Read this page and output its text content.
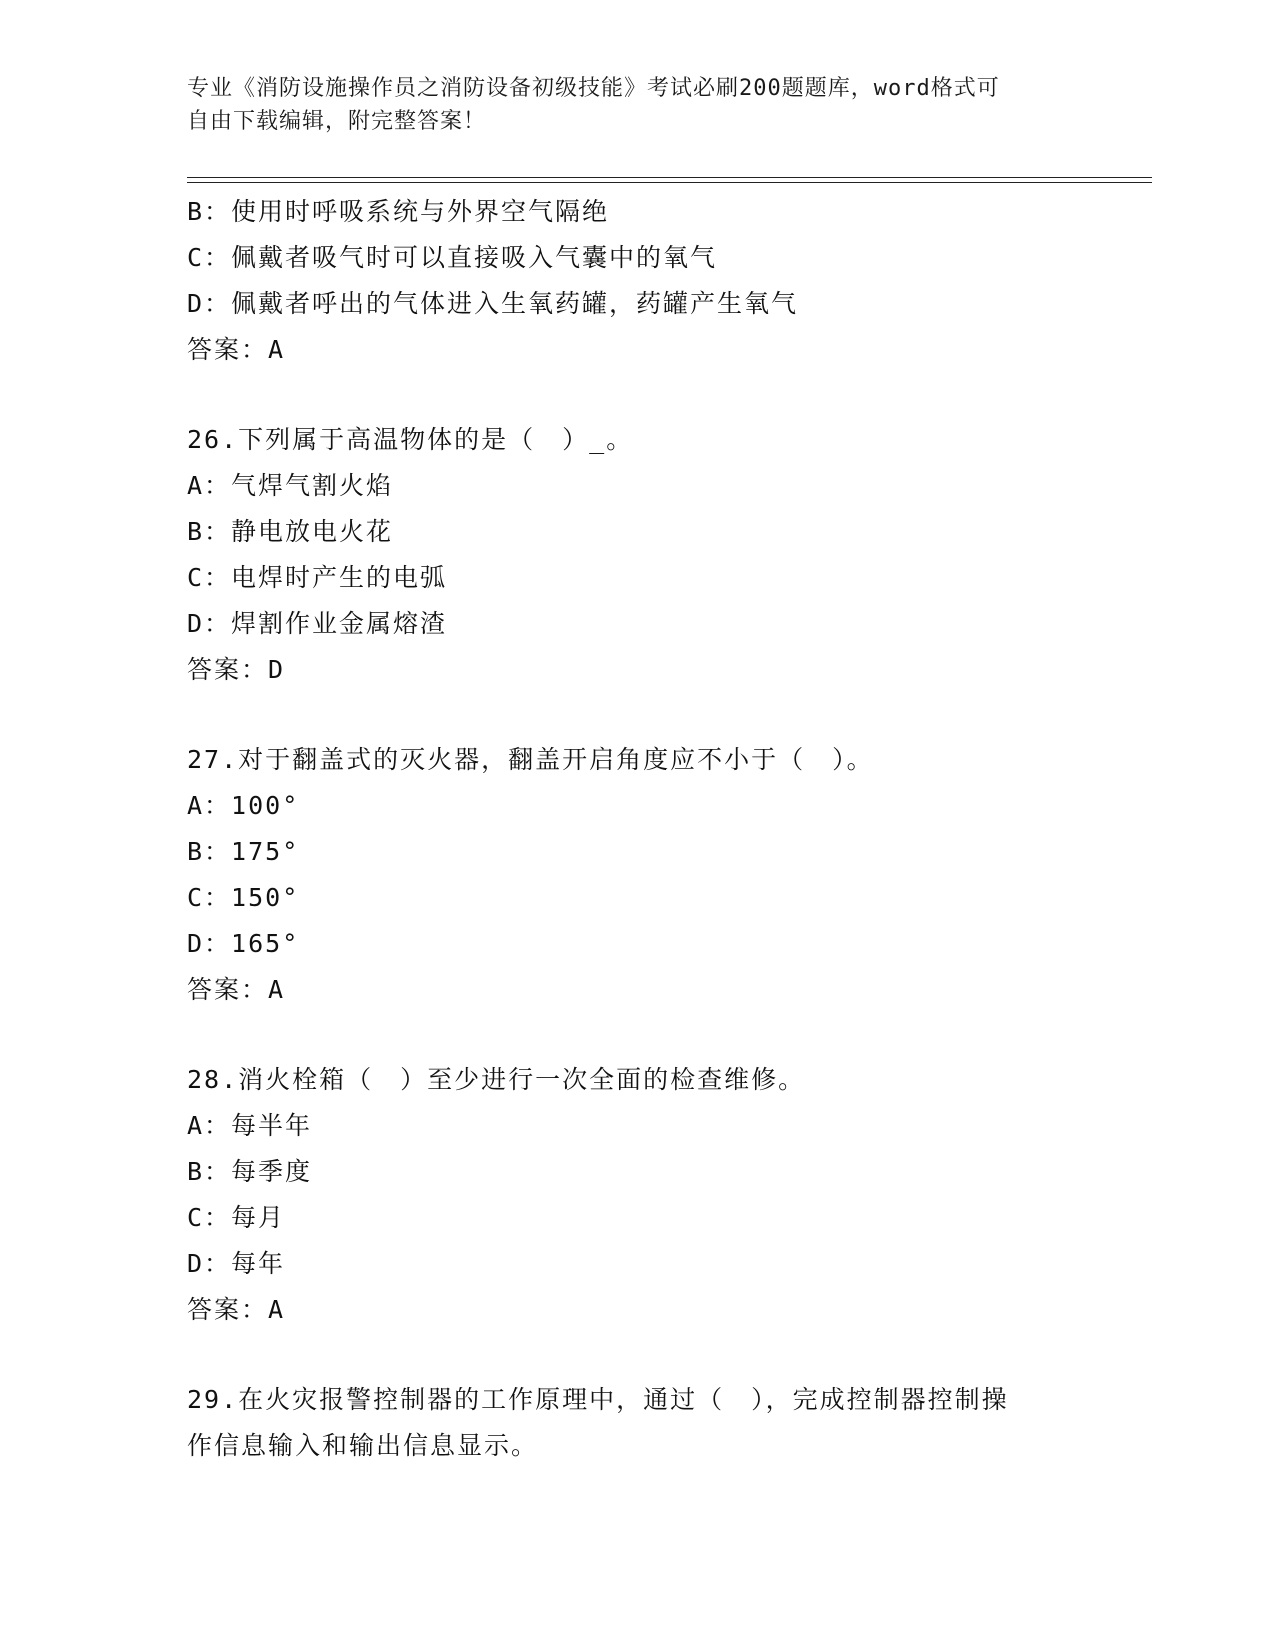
专业《消防设施操作员之消防设备初级技能》考试必刷200题题库，word格式可
自由下载编辑，附完整答案！
B：使用时呼吸系统与外界空气隔绝
C：佩戴者吸气时可以直接吸入气囊中的氧气
D：佩戴者呼出的气体进入生氧药罐，药罐产生氧气
答案：A
26.下列属于高温物体的是（　）_。
A：气焊气割火焰
B：静电放电火花
C：电焊时产生的电弧
D：焊割作业金属熔渣
答案：D
27.对于翻盖式的灭火器，翻盖开启角度应不小于（　）。
A：100°
B：175°
C：150°
D：165°
答案：A
28.消火栓箱（　）至少进行一次全面的检查维修。
A：每半年
B：每季度
C：每月
D：每年
答案：A
29.在火灾报警控制器的工作原理中，通过（　），完成控制器控制操
作信息输入和输出信息显示。
